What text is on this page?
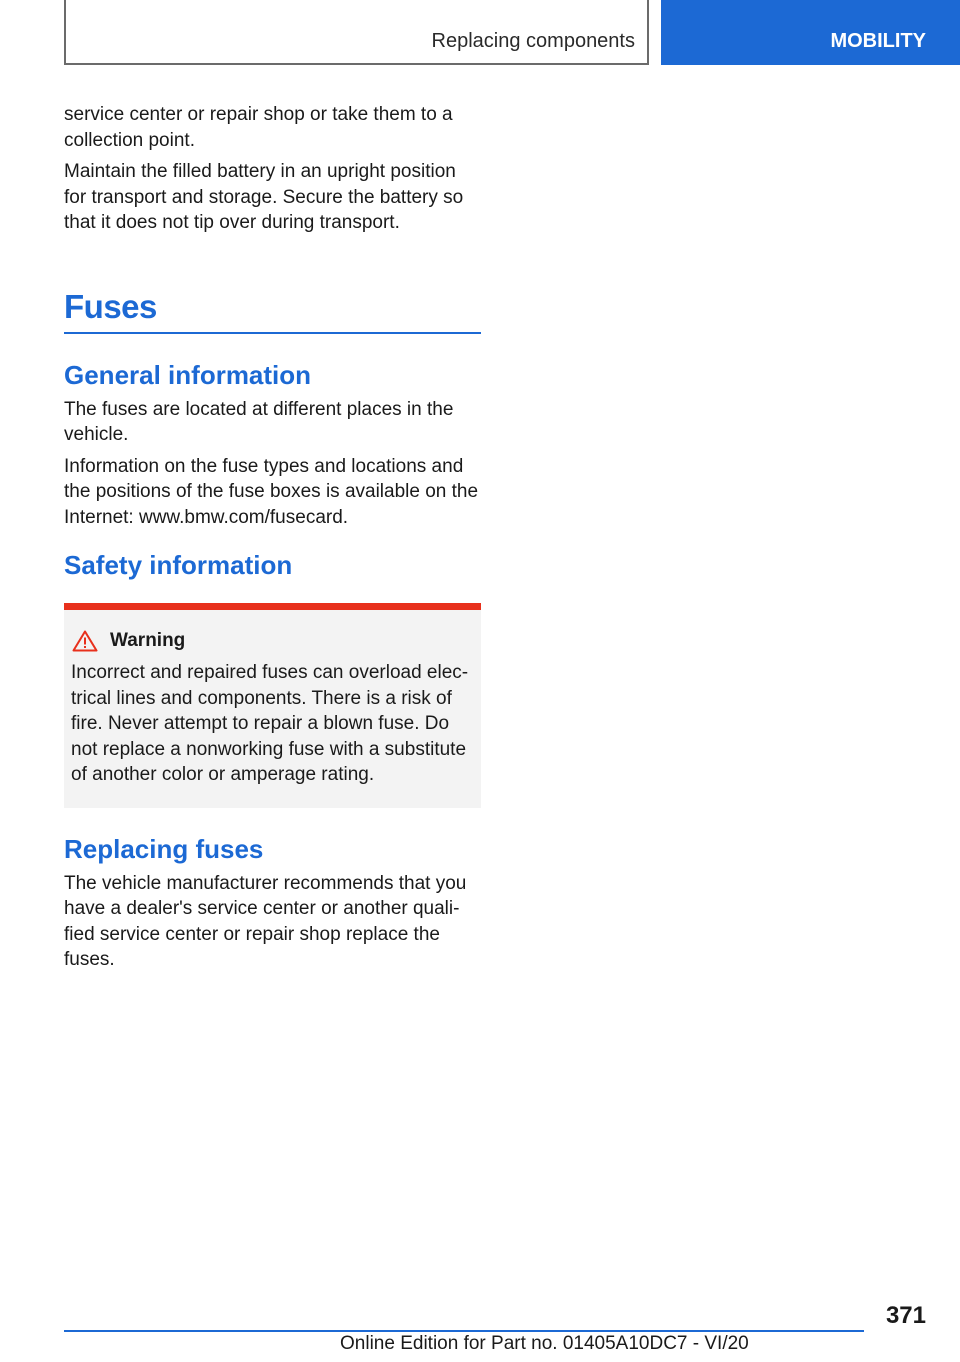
Replacing components	MOBILITY

service center or repair shop or take them to a collection point.

Maintain the filled battery in an upright position for transport and storage. Secure the battery so that it does not tip over during transport.

Fuses
General information

The fuses are located at different places in the vehicle.

Information on the fuse types and locations and the positions of the fuse boxes is available on the Internet: www.bmw.com/fusecard.

Safety information
Warning

Incorrect and repaired fuses can overload elec-trical lines and components. There is a risk of fire. Never attempt to repair a blown fuse. Do not replace a nonworking fuse with a substitute of another color or amperage rating.

Replacing fuses

The vehicle manufacturer recommends that you have a dealer's service center or another quali-fied service center or repair shop replace the fuses.

371
Online Edition for Part no. 01405A10DC7 - VI/20
